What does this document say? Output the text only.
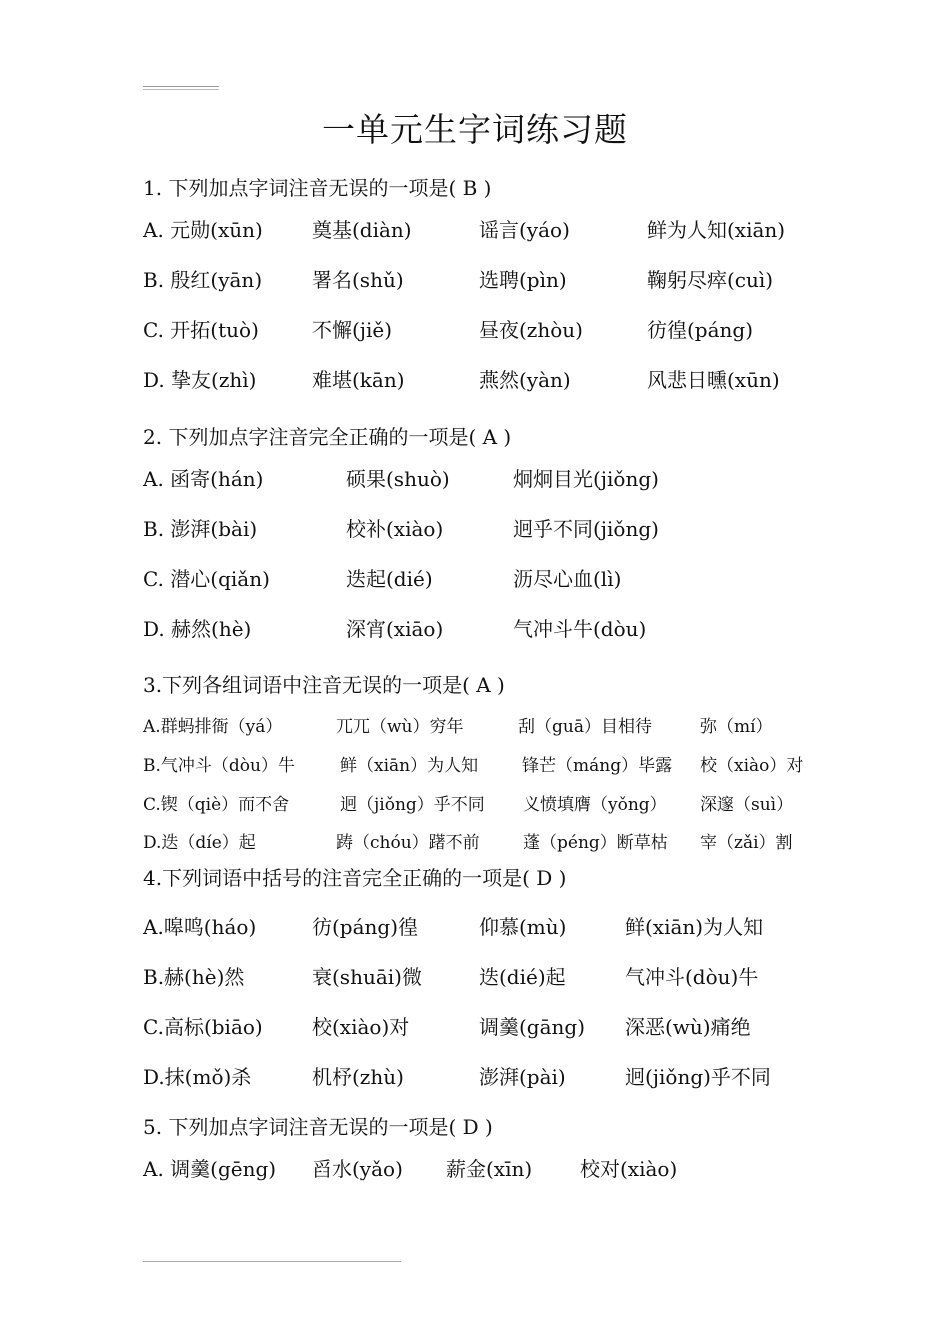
一单元生字词练习题
1. 下列加点字词注音无误的一项是( B )
A. 元勋(xūn) 奠基(diàn)	谣言(yáo)	鲜为人知(xiān)
B. 殷红(yān) 署名(shǔ)	选聘(pìn)	鞠躬尽瘁(cuì)
C. 开拓(tuò)	不懈(jiě)	昼夜(zhòu)	彷徨(páng)
D. 挚友(zhì)	难堪(kān)	燕然(yàn)	风悲日曛(xūn)
2. 下列加点字注音完全正确的一项是( A )
A. 函寄(hán)	硕果(shuò)	炯炯目光(jiǒng)
B. 澎湃(bài)	校补(xiào)	迥乎不同(jiǒng)
C. 潜心(qiǎn)	迭起(dié)	沥尽心血(lì)
D. 赫然(hè)	深宵(xiāo)	气冲斗牛(dòu)
3.下列各组词语中注音无误的一项是( A )
A.群蚂排衙（yá）	兀兀（wù）穷年	刮（guā）目相待	弥（mí）
B.气冲斗（dòu）牛	鲜（xiān）为人知	锋芒（máng）毕露 校（xiào）对
C.锲（qiè）而不舍	迥（jiǒng）乎不同 义愤填膺（yǒng） 深邃（suì）
D.迭（díe）起	踌（chóu）躇不前	蓬（péng）断草枯 宰（zǎi）割
4.下列词语中括号的注音完全正确的一项是( D )
A.嗥鸣(háo)	彷(páng)徨	仰慕(mù)	鲜(xiān)为人知
B.赫(hè)然	衰(shuāi)微	迭(dié)起	气冲斗(dòu)牛
C.高标(biāo) 校(xiào)对	调羹(gāng) 深恶(wù)痛绝
D.抹(mǒ)杀	机杼(zhù)	澎湃(pài)	迥(jiǒng)乎不同
5. 下列加点字词注音无误的一项是( D )
A. 调羹(gēng) 舀水(yǎo) 薪金(xīn) 校对(xiào)
